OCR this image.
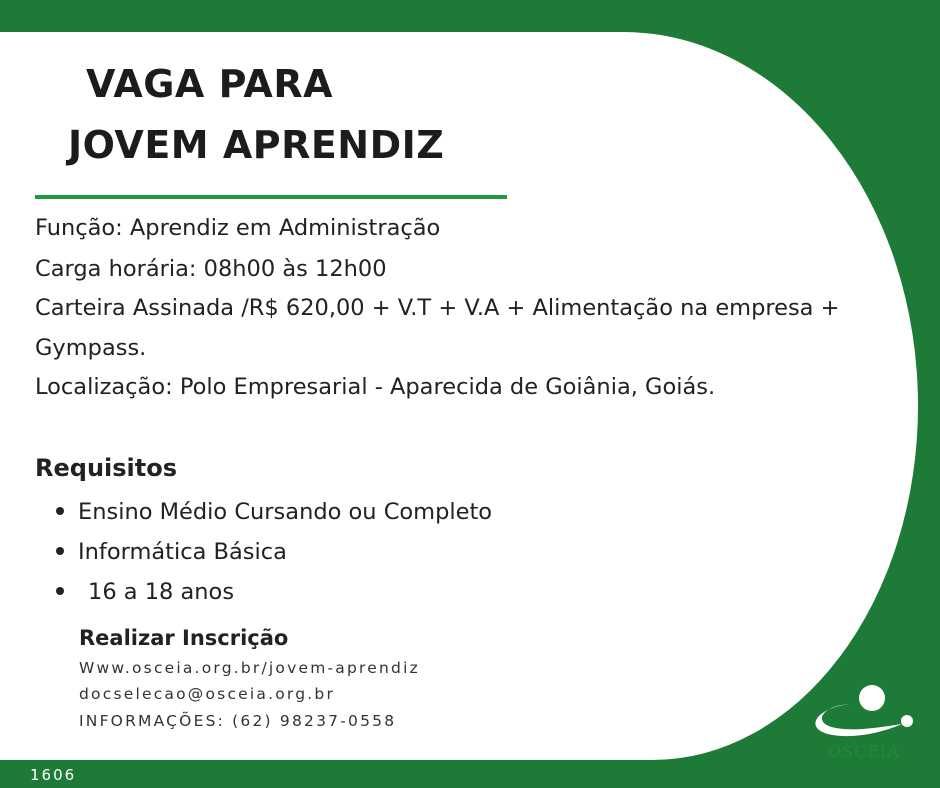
VAGA PARA
JOVEM APRENDIZ
Função: Aprendiz em Administração
Carga horária: 08h00 às 12h00
Carteira Assinada /R$ 620,00 + V.T + V.A + Alimentação na empresa +
Gympass.
Localização: Polo Empresarial - Aparecida de Goiânia, Goiás.
Requisitos
Ensino Médio Cursando ou Completo
Informática Básica
16 a 18 anos
Realizar Inscrição
Www.osceia.org.br/jovem-aprendiz
docselecao@osceia.org.br
INFORMAÇÕES: (62) 98237-0558
1606
OSCEIA
